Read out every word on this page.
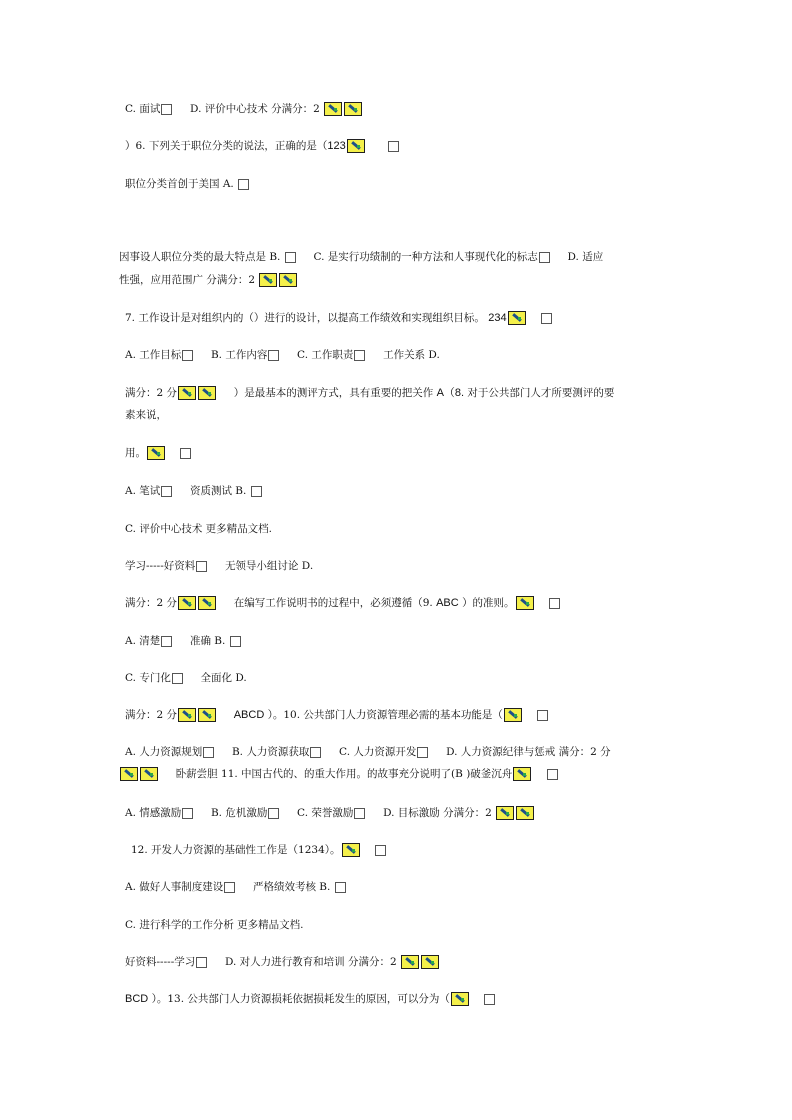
C. 面试	D. 评价中心技术 分满分：2
）6. 下列关于职位分类的说法，正确的是（123
职位分类首创于美国 A.
因事设人职位分类的最大特点是 B.	C. 是实行功绩制的一种方法和人事现代化的标志	D. 适应
性强，应用范围广 分满分：2
7. 工作设计是对组织内的（）进行的设计，以提高工作绩效和实现组织目标。 234
A. 工作目标	B. 工作内容	C. 工作职责	工作关系 D.
满分：2 分	）是最基本的测评方式，具有重要的把关作 A（8. 对于公共部门人才所要测评的要
素来说，
用。
A. 笔试	资质测试 B.
C. 评价中心技术 更多精品文档.
学习-----好资料	无领导小组讨论 D.
满分：2 分	在编写工作说明书的过程中，必须遵循（9. ABC ）的准则。
A. 清楚	准确 B.
C. 专门化	全面化 D.
满分：2 分	ABCD ）。10. 公共部门人力资源管理必需的基本功能是（
A. 人力资源规划	B. 人力资源获取	C. 人力资源开发	D. 人力资源纪律与惩戒 满分：2 分
卧薪尝胆 11. 中国古代的、的重大作用。的故事充分说明了(B )破釜沉舟
A. 情感激励	B. 危机激励	C. 荣誉激励	D. 目标激励 分满分：2
12. 开发人力资源的基础性工作是（1234）。
A. 做好人事制度建设	严格绩效考核 B.
C. 进行科学的工作分析 更多精品文档.
好资料-----学习	D. 对人力进行教育和培训 分满分：2
BCD ）。13. 公共部门人力资源损耗依据损耗发生的原因，可以分为（
